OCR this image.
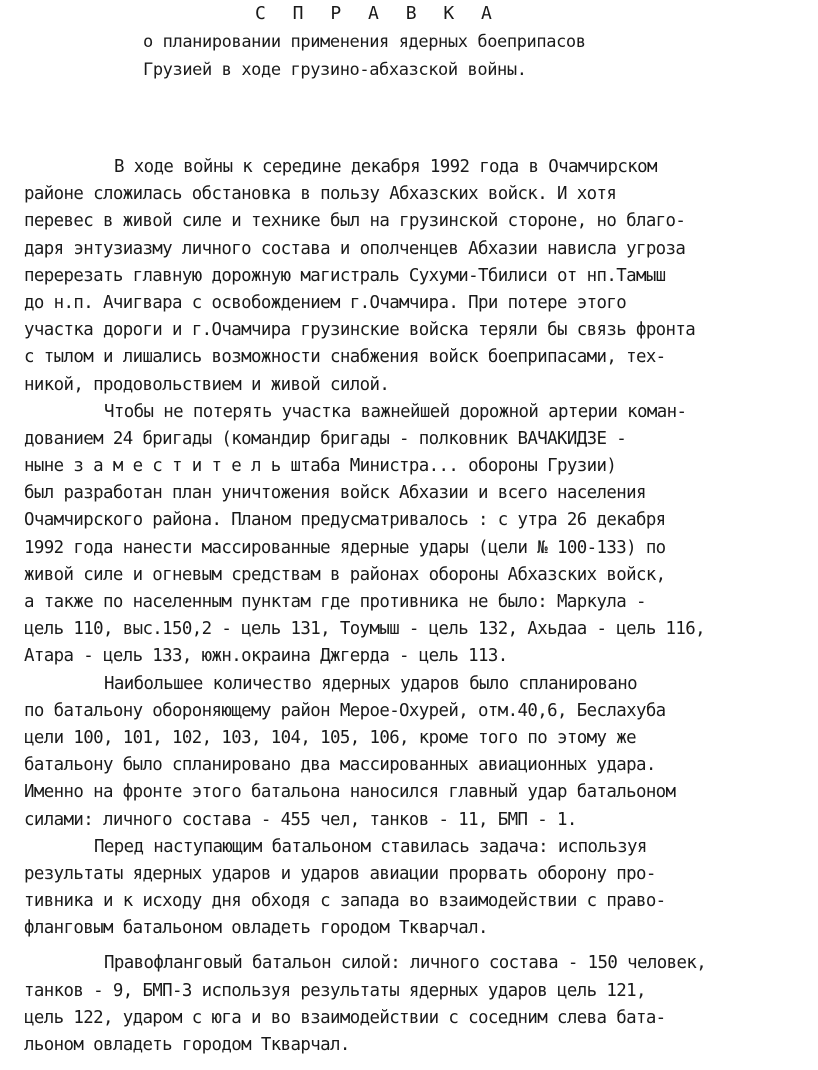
С П Р А В К А
о планировании применения ядерных боеприпасов
Грузией в ходе грузино-абхазской войны.
В ходе войны к середине декабря 1992 года в Очамчирском
районе сложилась обстановка в пользу Абхазских войск. И хотя
перевес в живой силе и технике был на грузинской стороне, но благо-
даря энтузиазму личного состава и ополченцев Абхазии нависла угроза
перерезать главную дорожную магистраль Сухуми-Тбилиси от нп.Тамыш
до н.п. Ачигвара с освобождением г.Очамчира. При потере этого
участка дороги и г.Очамчира грузинские войска теряли бы связь фронта
с тылом и лишались возможности снабжения войск боеприпасами, тех-
никой, продовольствием и живой силой.
Чтобы не потерять участка важнейшей дорожной артерии коман-
дованием 24 бригады (командир бригады - полковник ВАЧАКИДЗЕ -
ныне з а м е с т и т е л ь штаба Министра... обороны Грузии)
был разработан план уничтожения войск Абхазии и всего населения
Очамчирского района. Планом предусматривалось : с утра 26 декабря
1992 года нанести массированные ядерные удары (цели № 100-133) по
живой силе и огневым средствам в районах обороны Абхазских войск,
а также по населенным пунктам где противника не было: Маркула -
цель 110, выс.150,2 - цель 131, Тоумыш - цель 132, Ахьдаа - цель 116,
Атара - цель 133, южн.окраина Джгерда - цель 113.
Наибольшее количество ядерных ударов было спланировано
по батальону обороняющему район Мерое-Охурей, отм.40,6, Беслахуба
цели 100, 101, 102, 103, 104, 105, 106, кроме того по этому же
батальону было спланировано два массированных авиационных удара.
Именно на фронте этого батальона наносился главный удар батальоном
силами: личного состава - 455 чел, танков - 11, БМП - 1.
Перед наступающим батальоном ставилась задача: используя
результаты ядерных ударов и ударов авиации прорвать оборону про-
тивника и к исходу дня обходя с запада во взаимодействии с право-
фланговым батальоном овладеть городом Ткварчал.
Правофланговый батальон силой: личного состава - 150 человек,
танков - 9, БМП-3 используя результаты ядерных ударов цель 121,
цель 122, ударом с юга и во взаимодействии с соседним слева бата-
льоном овладеть городом Ткварчал.
